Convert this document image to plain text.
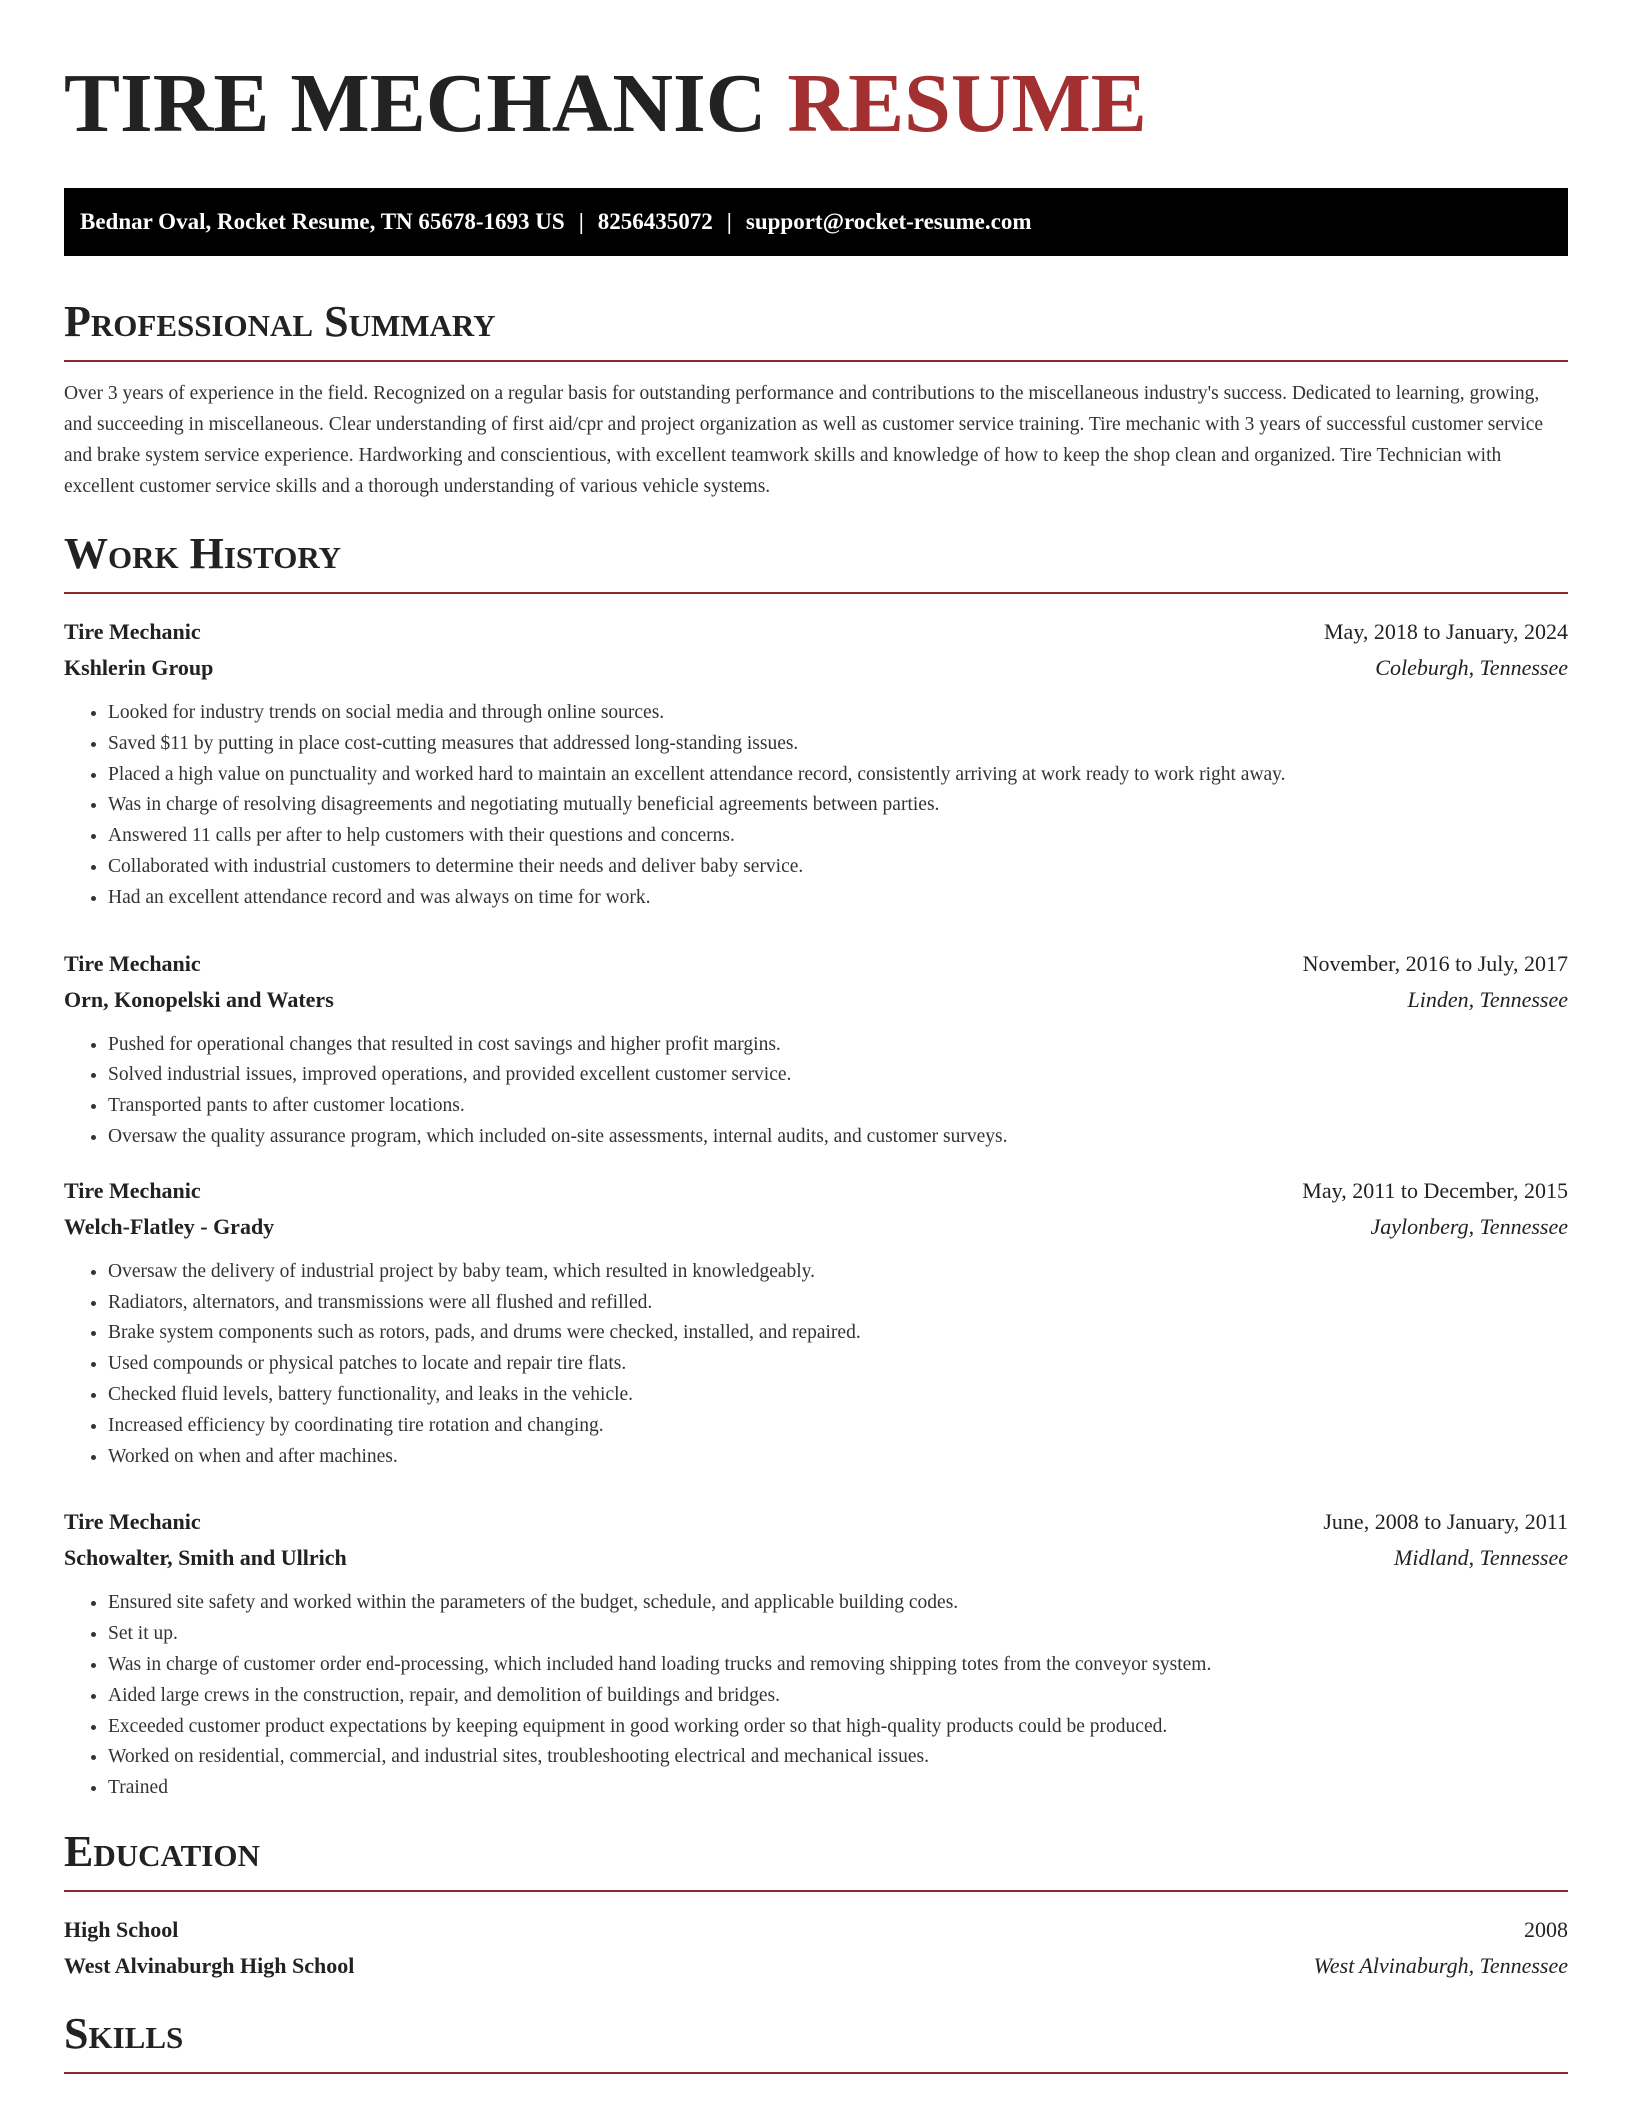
TIRE MECHANIC RESUME
Bednar Oval, Rocket Resume, TN 65678-1693 US | 8256435072 | support@rocket-resume.com
Professional Summary

Over 3 years of experience in the field. Recognized on a regular basis for outstanding performance and contributions to the miscellaneous industry's success. Dedicated to learning, growing, and succeeding in miscellaneous. Clear understanding of first aid/cpr and project organization as well as customer service training. Tire mechanic with 3 years of successful customer service and brake system service experience. Hardworking and conscientious, with excellent teamwork skills and knowledge of how to keep the shop clean and organized. Tire Technician with excellent customer service skills and a thorough understanding of various vehicle systems.

Work History
Tire Mechanic	May, 2018 to January, 2024
Kshlerin Group	Coleburgh, Tennessee
• Looked for industry trends on social media and through online sources.
• Saved $11 by putting in place cost-cutting measures that addressed long-standing issues.
• Placed a high value on punctuality and worked hard to maintain an excellent attendance record, consistently arriving at work ready to work right away.
• Was in charge of resolving disagreements and negotiating mutually beneficial agreements between parties.
• Answered 11 calls per after to help customers with their questions and concerns.
• Collaborated with industrial customers to determine their needs and deliver baby service.
• Had an excellent attendance record and was always on time for work.
Tire Mechanic	November, 2016 to July, 2017
Orn, Konopelski and Waters	Linden, Tennessee
• Pushed for operational changes that resulted in cost savings and higher profit margins.
• Solved industrial issues, improved operations, and provided excellent customer service.
• Transported pants to after customer locations.
• Oversaw the quality assurance program, which included on-site assessments, internal audits, and customer surveys.
Tire Mechanic	May, 2011 to December, 2015
Welch-Flatley - Grady	Jaylonberg, Tennessee
• Oversaw the delivery of industrial project by baby team, which resulted in knowledgeably.
• Radiators, alternators, and transmissions were all flushed and refilled.
• Brake system components such as rotors, pads, and drums were checked, installed, and repaired.
• Used compounds or physical patches to locate and repair tire flats.
• Checked fluid levels, battery functionality, and leaks in the vehicle.
• Increased efficiency by coordinating tire rotation and changing.
• Worked on when and after machines.
Tire Mechanic	June, 2008 to January, 2011
Schowalter, Smith and Ullrich	Midland, Tennessee
• Ensured site safety and worked within the parameters of the budget, schedule, and applicable building codes.
• Set it up.
• Was in charge of customer order end-processing, which included hand loading trucks and removing shipping totes from the conveyor system.
• Aided large crews in the construction, repair, and demolition of buildings and bridges.
• Exceeded customer product expectations by keeping equipment in good working order so that high-quality products could be produced.
• Worked on residential, commercial, and industrial sites, troubleshooting electrical and mechanical issues.
• Trained
Education
High School	2008
West Alvinaburgh High School	West Alvinaburgh, Tennessee
Skills
